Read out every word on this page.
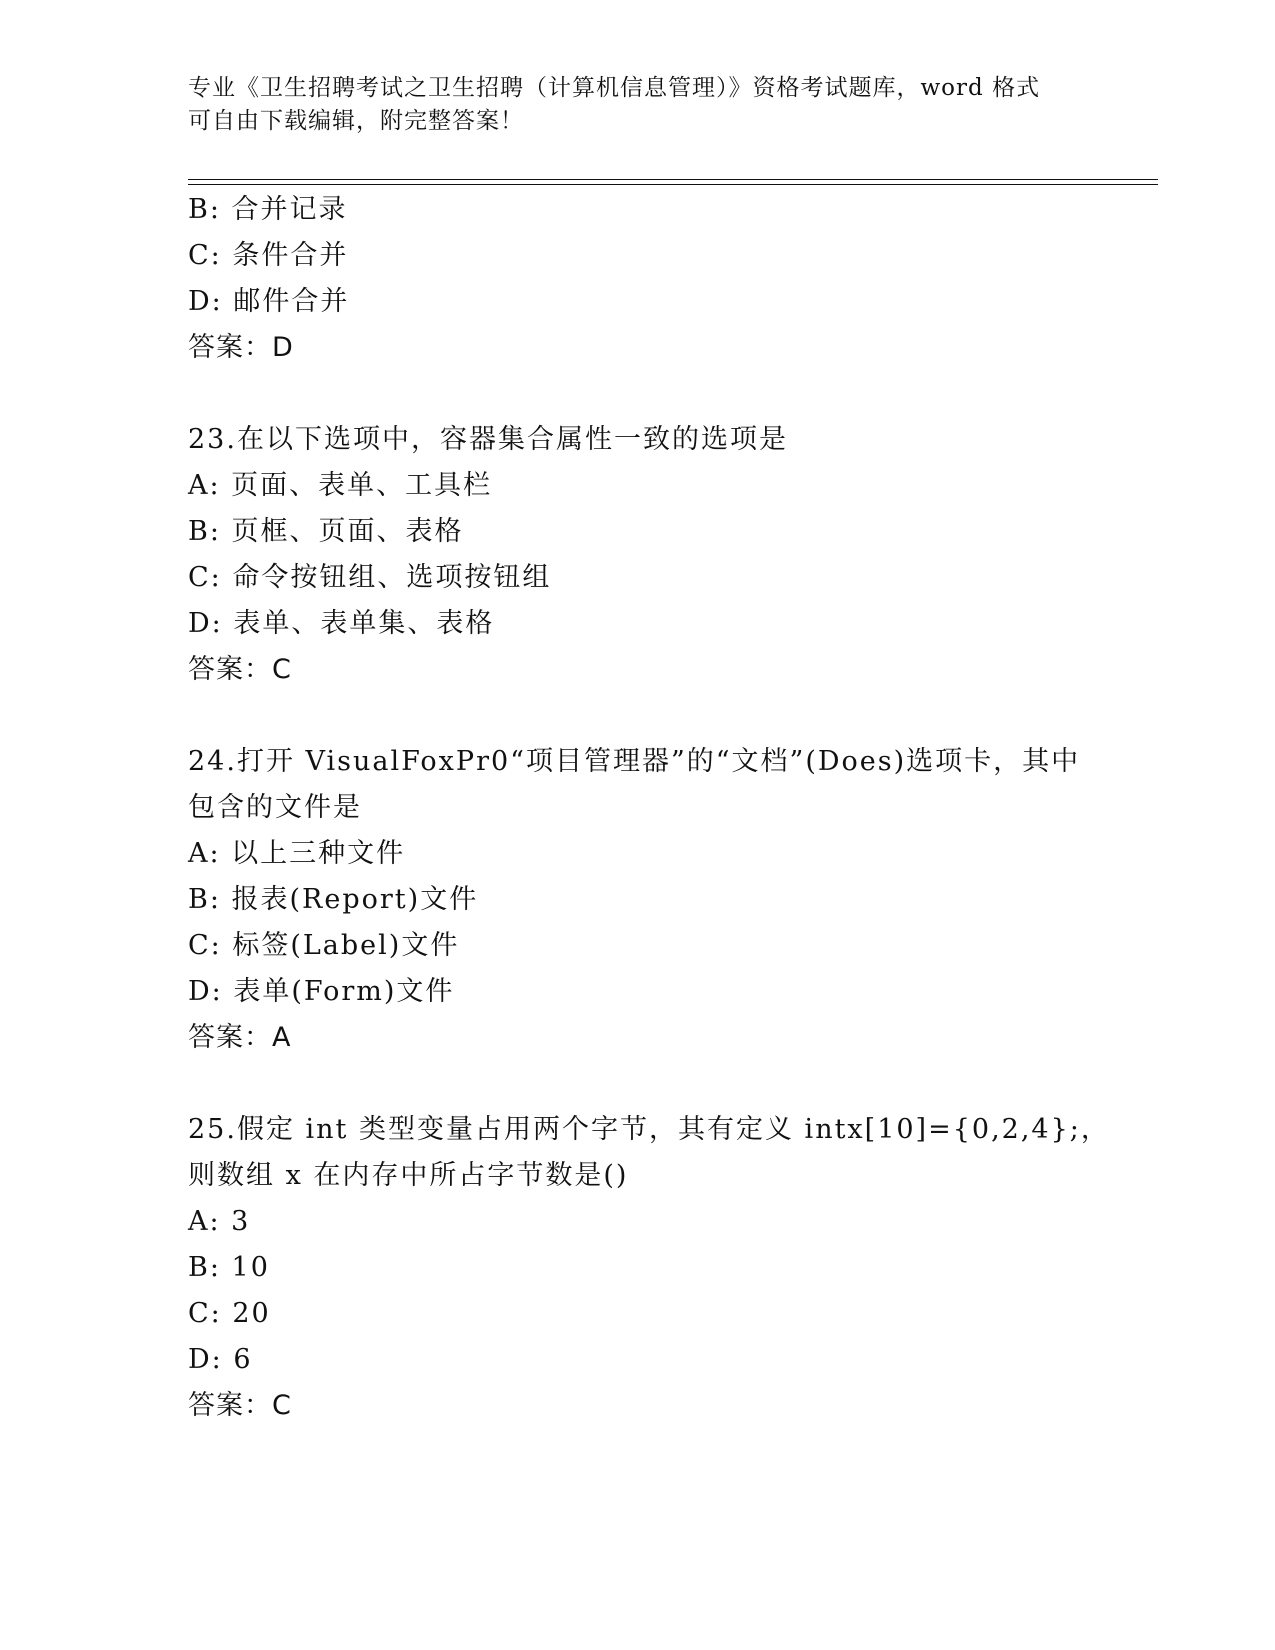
专业《卫生招聘考试之卫生招聘（计算机信息管理）》资格考试题库，word 格式
可自由下载编辑，附完整答案！
B: 合并记录
C: 条件合并
D: 邮件合并
答案：D
23.在以下选项中，容器集合属性一致的选项是
A: 页面、表单、工具栏
B: 页框、页面、表格
C: 命令按钮组、选项按钮组
D: 表单、表单集、表格
答案：C
24.打开 VisualFoxPr0“项目管理器”的“文档”(Does)选项卡，其中
包含的文件是
A: 以上三种文件
B: 报表(Report)文件
C: 标签(Label)文件
D: 表单(Form)文件
答案：A
25.假定 int 类型变量占用两个字节，其有定义 intx[10]={0,2,4};，
则数组 x 在内存中所占字节数是()
A: 3
B: 10
C: 20
D: 6
答案：C
